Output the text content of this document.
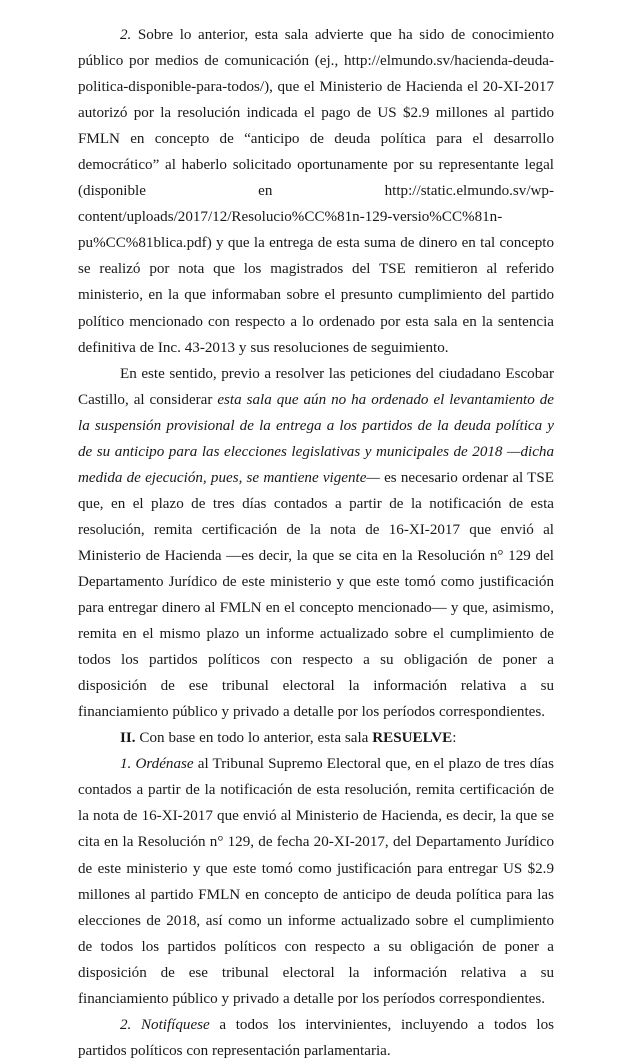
2. Sobre lo anterior, esta sala advierte que ha sido de conocimiento público por medios de comunicación (ej., http://elmundo.sv/hacienda-deuda-politica-disponible-para-todos/), que el Ministerio de Hacienda el 20-XI-2017 autorizó por la resolución indicada el pago de US $2.9 millones al partido FMLN en concepto de “anticipo de deuda política para el desarrollo democrático” al haberlo solicitado oportunamente por su representante legal (disponible en http://static.elmundo.sv/wp-content/uploads/2017/12/Resolucio%CC%81n-129-versio%CC%81n-pu%CC%81blica.pdf) y que la entrega de esta suma de dinero en tal concepto se realizó por nota que los magistrados del TSE remitieron al referido ministerio, en la que informaban sobre el presunto cumplimiento del partido político mencionado con respecto a lo ordenado por esta sala en la sentencia definitiva de Inc. 43-2013 y sus resoluciones de seguimiento.

En este sentido, previo a resolver las peticiones del ciudadano Escobar Castillo, al considerar esta sala que aún no ha ordenado el levantamiento de la suspensión provisional de la entrega a los partidos de la deuda política y de su anticipo para las elecciones legislativas y municipales de 2018 —dicha medida de ejecución, pues, se mantiene vigente— es necesario ordenar al TSE que, en el plazo de tres días contados a partir de la notificación de esta resolución, remita certificación de la nota de 16-XI-2017 que envió al Ministerio de Hacienda —es decir, la que se cita en la Resolución n° 129 del Departamento Jurídico de este ministerio y que este tomó como justificación para entregar dinero al FMLN en el concepto mencionado— y que, asimismo, remita en el mismo plazo un informe actualizado sobre el cumplimiento de todos los partidos políticos con respecto a su obligación de poner a disposición de ese tribunal electoral la información relativa a su financiamiento público y privado a detalle por los períodos correspondientes.

II. Con base en todo lo anterior, esta sala RESUELVE:

1. Ordénase al Tribunal Supremo Electoral que, en el plazo de tres días contados a partir de la notificación de esta resolución, remita certificación de la nota de 16-XI-2017 que envió al Ministerio de Hacienda, es decir, la que se cita en la Resolución n° 129, de fecha 20-XI-2017, del Departamento Jurídico de este ministerio y que este tomó como justificación para entregar US $2.9 millones al partido FMLN en concepto de anticipo de deuda política para las elecciones de 2018, así como un informe actualizado sobre el cumplimiento de todos los partidos políticos con respecto a su obligación de poner a disposición de ese tribunal electoral la información relativa a su financiamiento público y privado a detalle por los períodos correspondientes.

2. Notifíquese a todos los intervinientes, incluyendo a todos los partidos políticos con representación parlamentaria.
